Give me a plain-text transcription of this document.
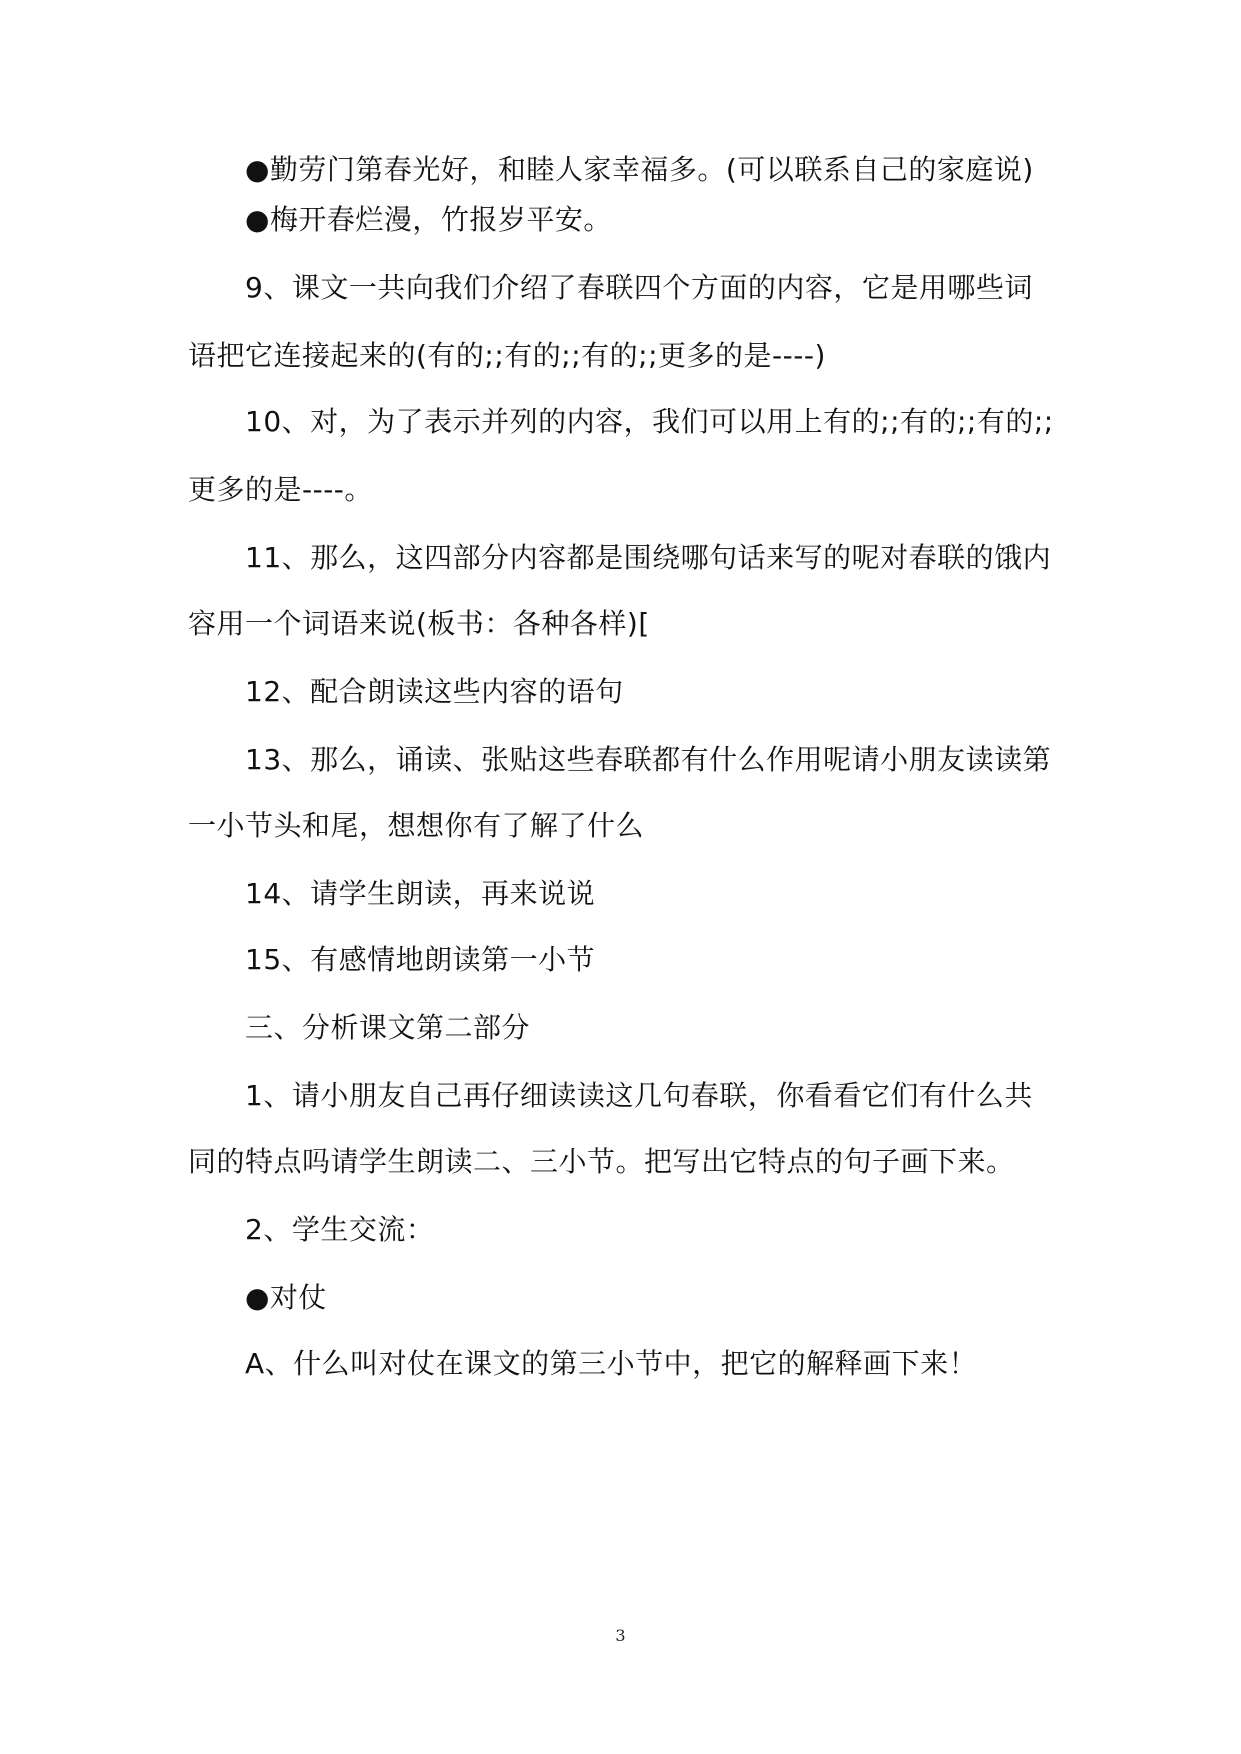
●勤劳门第春光好，和睦人家幸福多。(可以联系自己的家庭说)
●梅开春烂漫，竹报岁平安。
9、课文一共向我们介绍了春联四个方面的内容，它是用哪些词
语把它连接起来的(有的;;有的;;有的;;更多的是----)
10、对，为了表示并列的内容，我们可以用上有的;;有的;;有的;;
更多的是----。
11、那么，这四部分内容都是围绕哪句话来写的呢对春联的饿内
容用一个词语来说(板书：各种各样)[
12、配合朗读这些内容的语句
13、那么，诵读、张贴这些春联都有什么作用呢请小朋友读读第
一小节头和尾，想想你有了解了什么
14、请学生朗读，再来说说
15、有感情地朗读第一小节
三、分析课文第二部分
1、请小朋友自己再仔细读读这几句春联，你看看它们有什么共
同的特点吗请学生朗读二、三小节。把写出它特点的句子画下来。
2、学生交流：
●对仗
A、什么叫对仗在课文的第三小节中，把它的解释画下来！
3
